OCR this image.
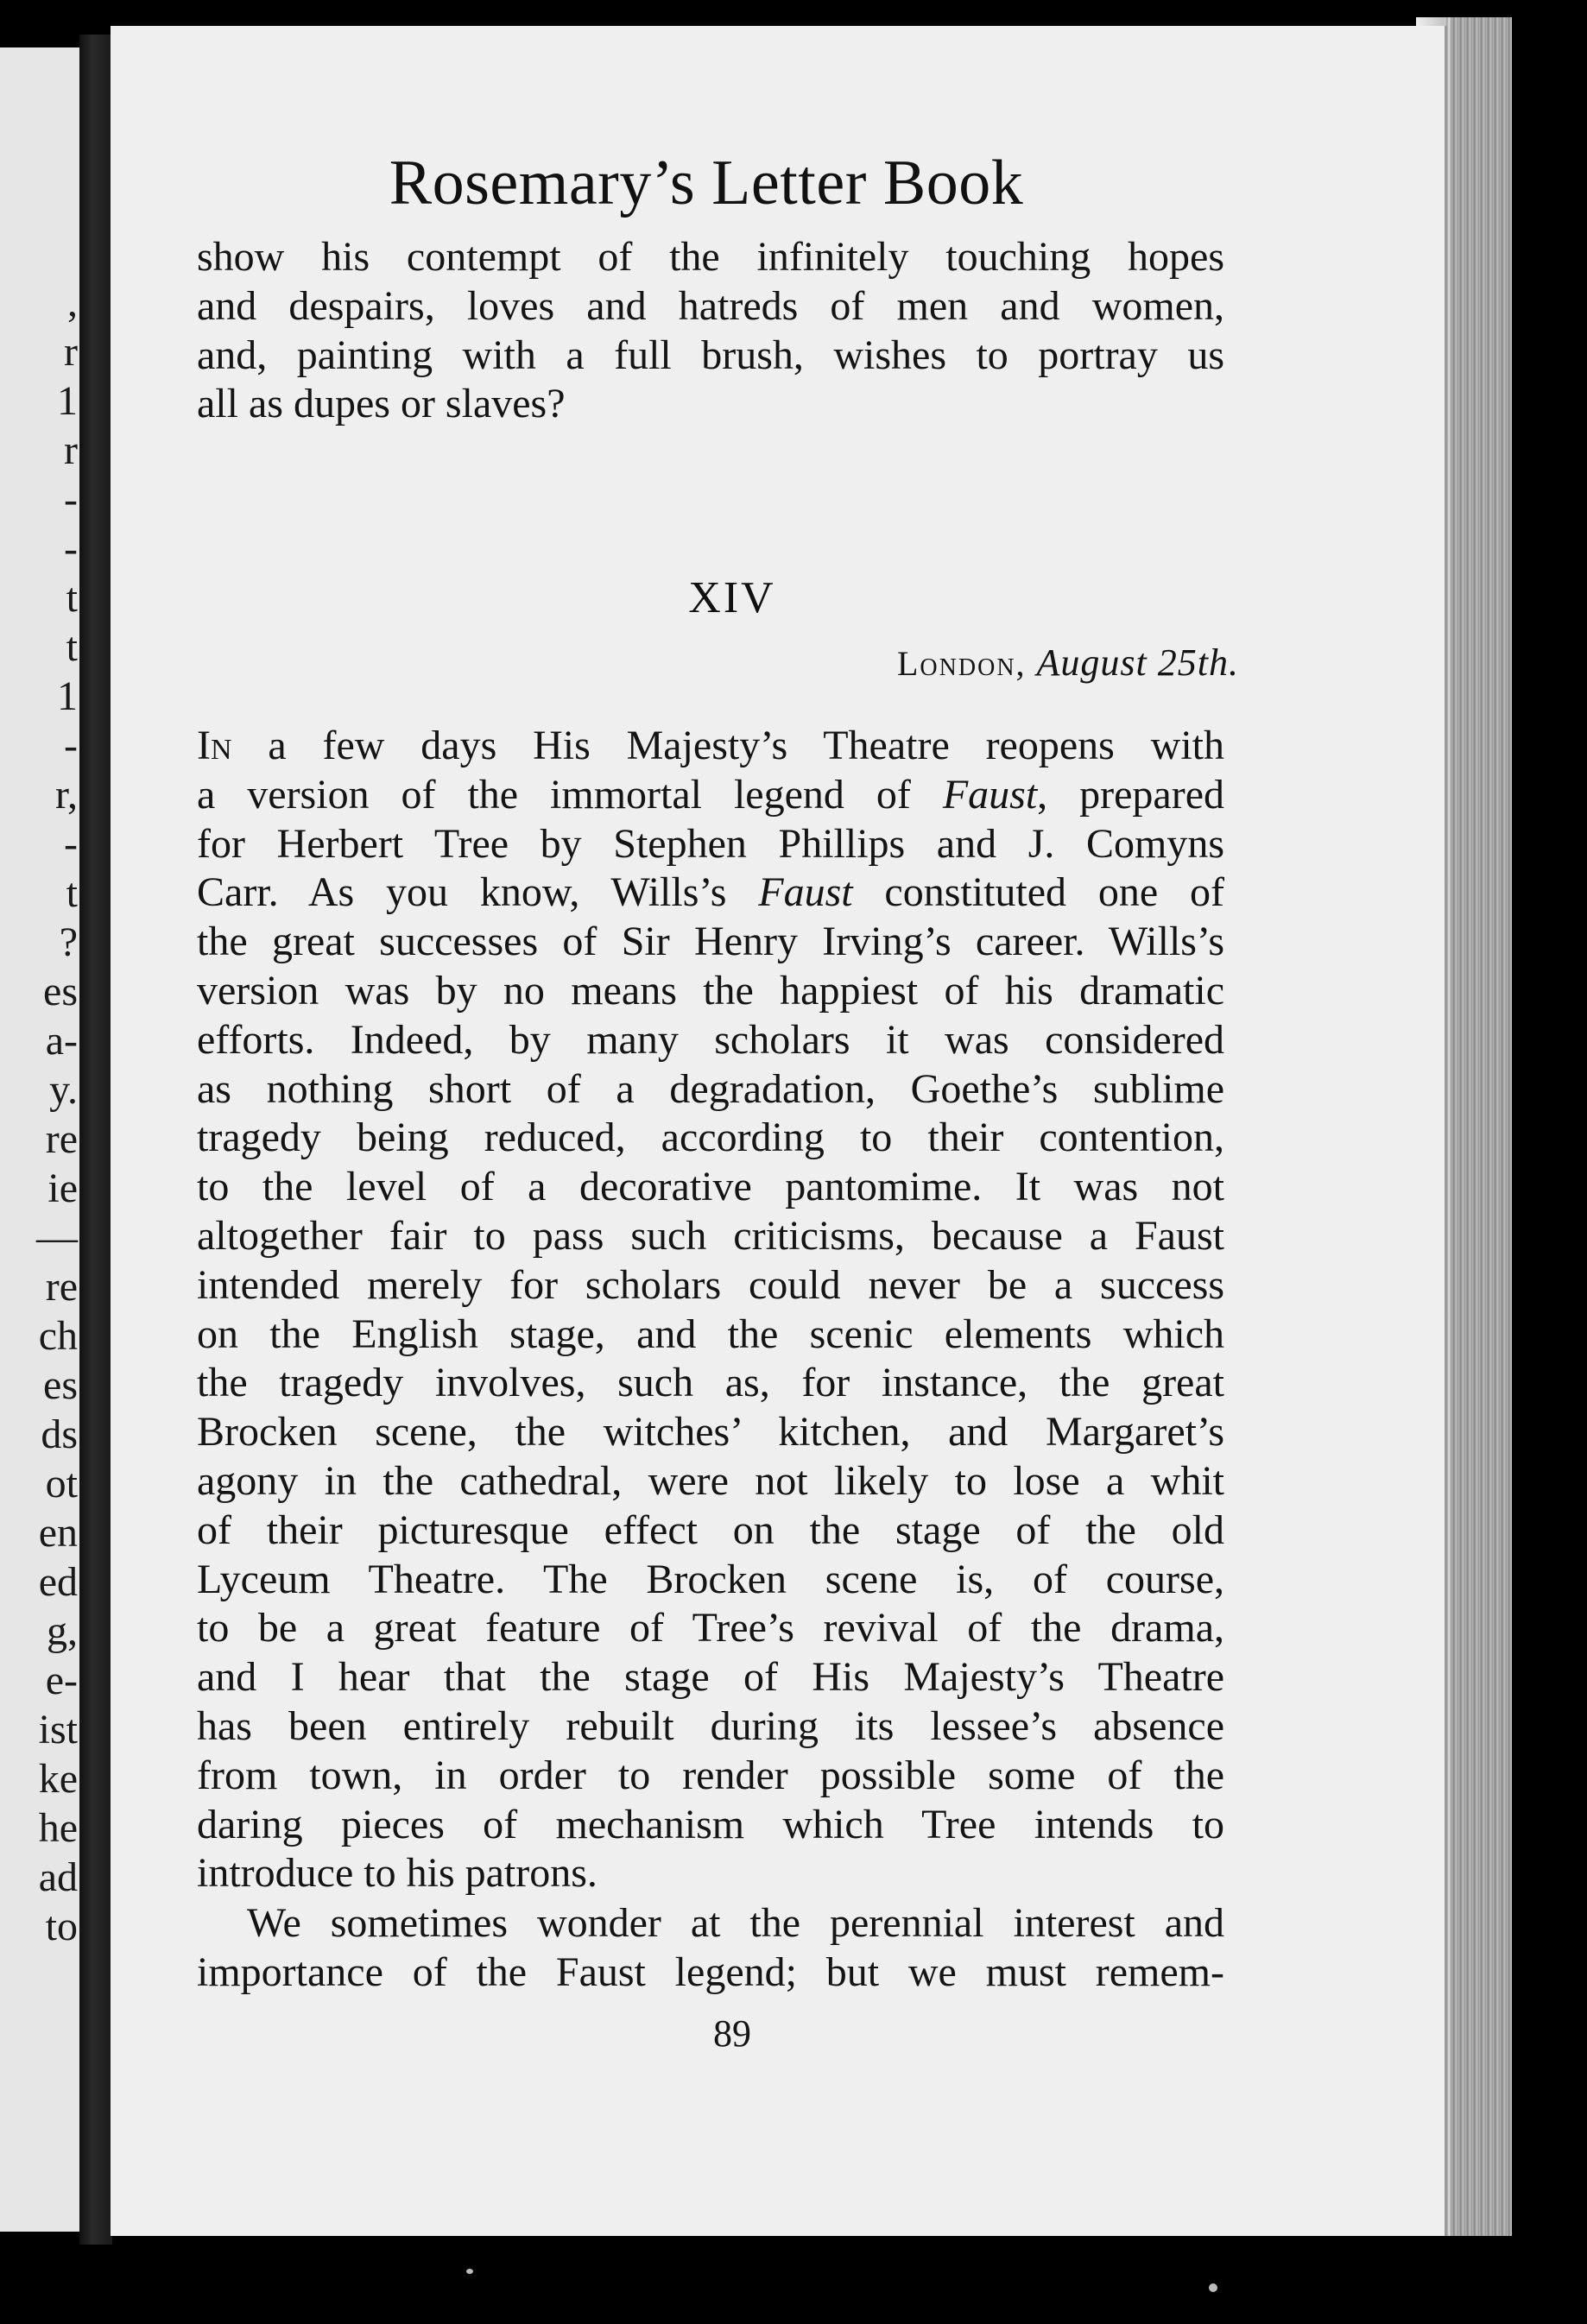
,
r
1
r
-
-
t
t
1
-
r,
-
t
?
es
a-
y.
re
ie
—
re
ch
es
ds
ot
en
ed
g,
e-
ist
ke
he
ad
to
Rosemary’s Letter Book
show his contempt of the infinitely touching hopes
and despairs, loves and hatreds of men and women,
and, painting with a full brush, wishes to portray us
all as dupes or slaves?
XIV
London, August 25th.
In a few days His Majesty’s Theatre reopens with
a version of the immortal legend of Faust, prepared
for Herbert Tree by Stephen Phillips and J. Comyns
Carr. As you know, Wills’s Faust constituted one of
the great successes of Sir Henry Irving’s career. Wills’s
version was by no means the happiest of his dramatic
efforts. Indeed, by many scholars it was considered
as nothing short of a degradation, Goethe’s sublime
tragedy being reduced, according to their contention,
to the level of a decorative pantomime. It was not
altogether fair to pass such criticisms, because a Faust
intended merely for scholars could never be a success
on the English stage, and the scenic elements which
the tragedy involves, such as, for instance, the great
Brocken scene, the witches’ kitchen, and Margaret’s
agony in the cathedral, were not likely to lose a whit
of their picturesque effect on the stage of the old
Lyceum Theatre. The Brocken scene is, of course,
to be a great feature of Tree’s revival of the drama,
and I hear that the stage of His Majesty’s Theatre
has been entirely rebuilt during its lessee’s absence
from town, in order to render possible some of the
daring pieces of mechanism which Tree intends to
introduce to his patrons.
We sometimes wonder at the perennial interest and
importance of the Faust legend; but we must remem-
89
